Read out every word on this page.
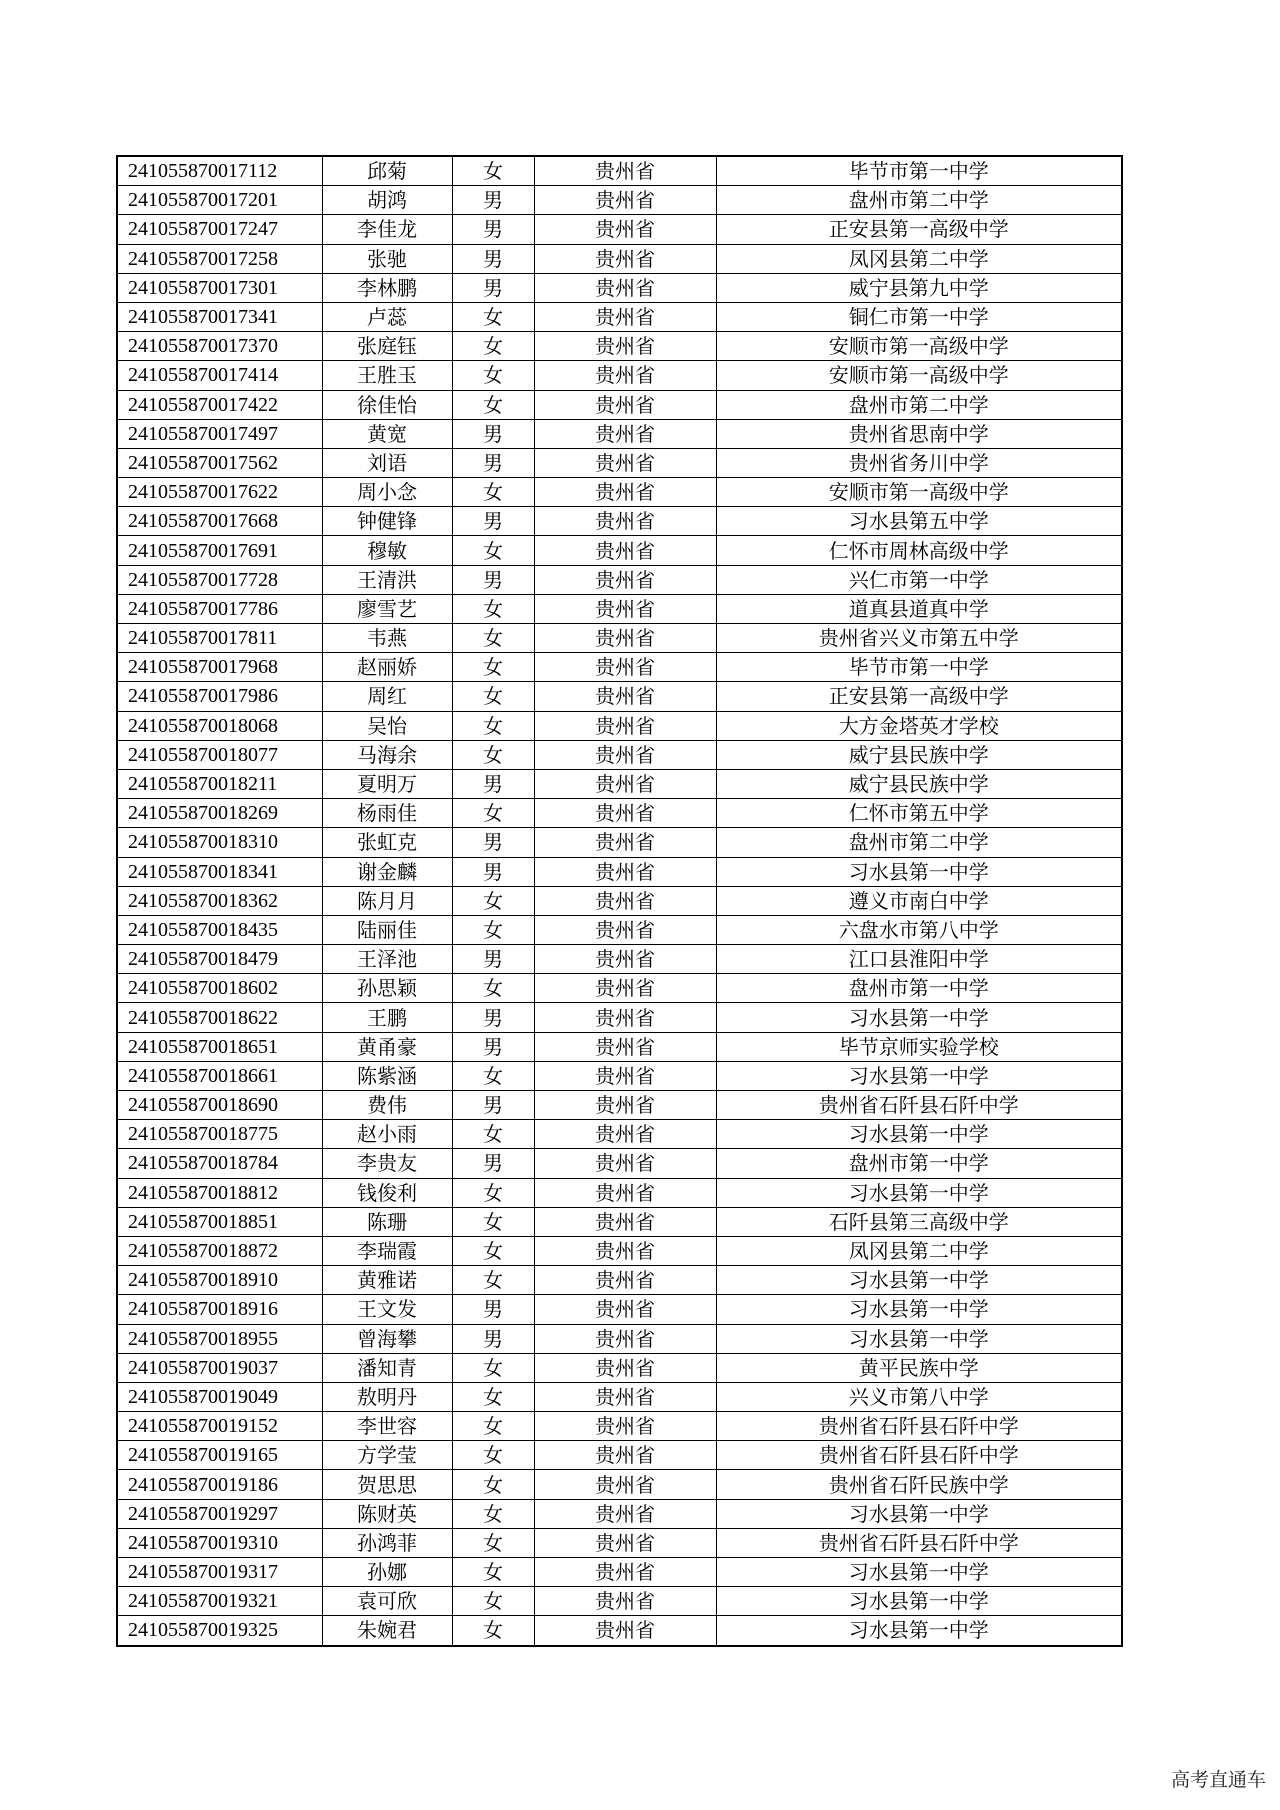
241055870017112	邱菊	女	贵州省	毕节市第一中学
241055870017201	胡鸿	男	贵州省	盘州市第二中学
241055870017247	李佳龙	男	贵州省	正安县第一高级中学
241055870017258	张驰	男	贵州省	凤冈县第二中学
241055870017301	李林鹏	男	贵州省	威宁县第九中学
241055870017341	卢蕊	女	贵州省	铜仁市第一中学
241055870017370	张庭钰	女	贵州省	安顺市第一高级中学
241055870017414	王胜玉	女	贵州省	安顺市第一高级中学
241055870017422	徐佳怡	女	贵州省	盘州市第二中学
241055870017497	黄宽	男	贵州省	贵州省思南中学
241055870017562	刘语	男	贵州省	贵州省务川中学
241055870017622	周小念	女	贵州省	安顺市第一高级中学
241055870017668	钟健锋	男	贵州省	习水县第五中学
241055870017691	穆敏	女	贵州省	仁怀市周林高级中学
241055870017728	王清洪	男	贵州省	兴仁市第一中学
241055870017786	廖雪艺	女	贵州省	道真县道真中学
241055870017811	韦燕	女	贵州省	贵州省兴义市第五中学
241055870017968	赵丽娇	女	贵州省	毕节市第一中学
241055870017986	周红	女	贵州省	正安县第一高级中学
241055870018068	吴怡	女	贵州省	大方金塔英才学校
241055870018077	马海余	女	贵州省	威宁县民族中学
241055870018211	夏明万	男	贵州省	威宁县民族中学
241055870018269	杨雨佳	女	贵州省	仁怀市第五中学
241055870018310	张虹克	男	贵州省	盘州市第二中学
241055870018341	谢金麟	男	贵州省	习水县第一中学
241055870018362	陈月月	女	贵州省	遵义市南白中学
241055870018435	陆丽佳	女	贵州省	六盘水市第八中学
241055870018479	王泽池	男	贵州省	江口县淮阳中学
241055870018602	孙思颖	女	贵州省	盘州市第一中学
241055870018622	王鹏	男	贵州省	习水县第一中学
241055870018651	黄甬豪	男	贵州省	毕节京师实验学校
241055870018661	陈紫涵	女	贵州省	习水县第一中学
241055870018690	费伟	男	贵州省	贵州省石阡县石阡中学
241055870018775	赵小雨	女	贵州省	习水县第一中学
241055870018784	李贵友	男	贵州省	盘州市第一中学
241055870018812	钱俊利	女	贵州省	习水县第一中学
241055870018851	陈珊	女	贵州省	石阡县第三高级中学
241055870018872	李瑞霞	女	贵州省	凤冈县第二中学
241055870018910	黄雅诺	女	贵州省	习水县第一中学
241055870018916	王文发	男	贵州省	习水县第一中学
241055870018955	曾海攀	男	贵州省	习水县第一中学
241055870019037	潘知青	女	贵州省	黄平民族中学
241055870019049	敖明丹	女	贵州省	兴义市第八中学
241055870019152	李世容	女	贵州省	贵州省石阡县石阡中学
241055870019165	方学莹	女	贵州省	贵州省石阡县石阡中学
241055870019186	贺思思	女	贵州省	贵州省石阡民族中学
241055870019297	陈财英	女	贵州省	习水县第一中学
241055870019310	孙鸿菲	女	贵州省	贵州省石阡县石阡中学
241055870019317	孙娜	女	贵州省	习水县第一中学
241055870019321	袁可欣	女	贵州省	习水县第一中学
241055870019325	朱婉君	女	贵州省	习水县第一中学
高考直通车
